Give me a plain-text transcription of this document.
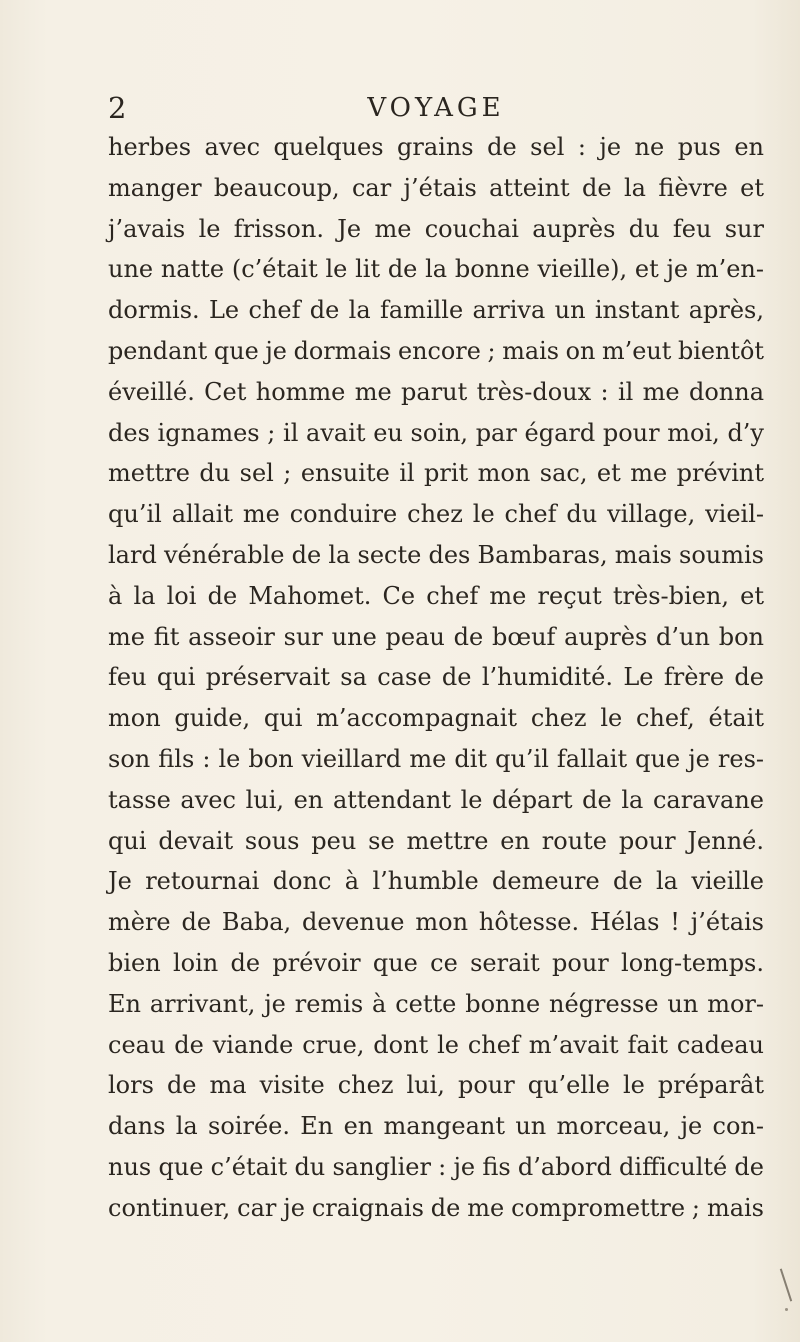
2	VOYAGE
herbes avec quelques grains de sel : je ne pus en
manger beaucoup, car j’étais atteint de la fièvre et
j’avais le frisson. Je me couchai auprès du feu sur
une natte (c’était le lit de la bonne vieille), et je m’en-
dormis. Le chef de la famille arriva un instant après,
pendant que je dormais encore ; mais on m’eut bientôt
éveillé. Cet homme me parut très-doux : il me donna
des ignames ; il avait eu soin, par égard pour moi, d’y
mettre du sel ; ensuite il prit mon sac, et me prévint
qu’il allait me conduire chez le chef du village, vieil-
lard vénérable de la secte des Bambaras, mais soumis
à la loi de Mahomet. Ce chef me reçut très-bien, et
me fit asseoir sur une peau de bœuf auprès d’un bon
feu qui préservait sa case de l’humidité. Le frère de
mon guide, qui m’accompagnait chez le chef, était
son fils : le bon vieillard me dit qu’il fallait que je res-
tasse avec lui, en attendant le départ de la caravane
qui devait sous peu se mettre en route pour Jenné.
Je retournai donc à l’humble demeure de la vieille
mère de Baba, devenue mon hôtesse. Hélas ! j’étais
bien loin de prévoir que ce serait pour long-temps.
En arrivant, je remis à cette bonne négresse un mor-
ceau de viande crue, dont le chef m’avait fait cadeau
lors de ma visite chez lui, pour qu’elle le préparât
dans la soirée. En en mangeant un morceau, je con-
nus que c’était du sanglier : je fis d’abord difficulté de
continuer, car je craignais de me compromettre ; mais
